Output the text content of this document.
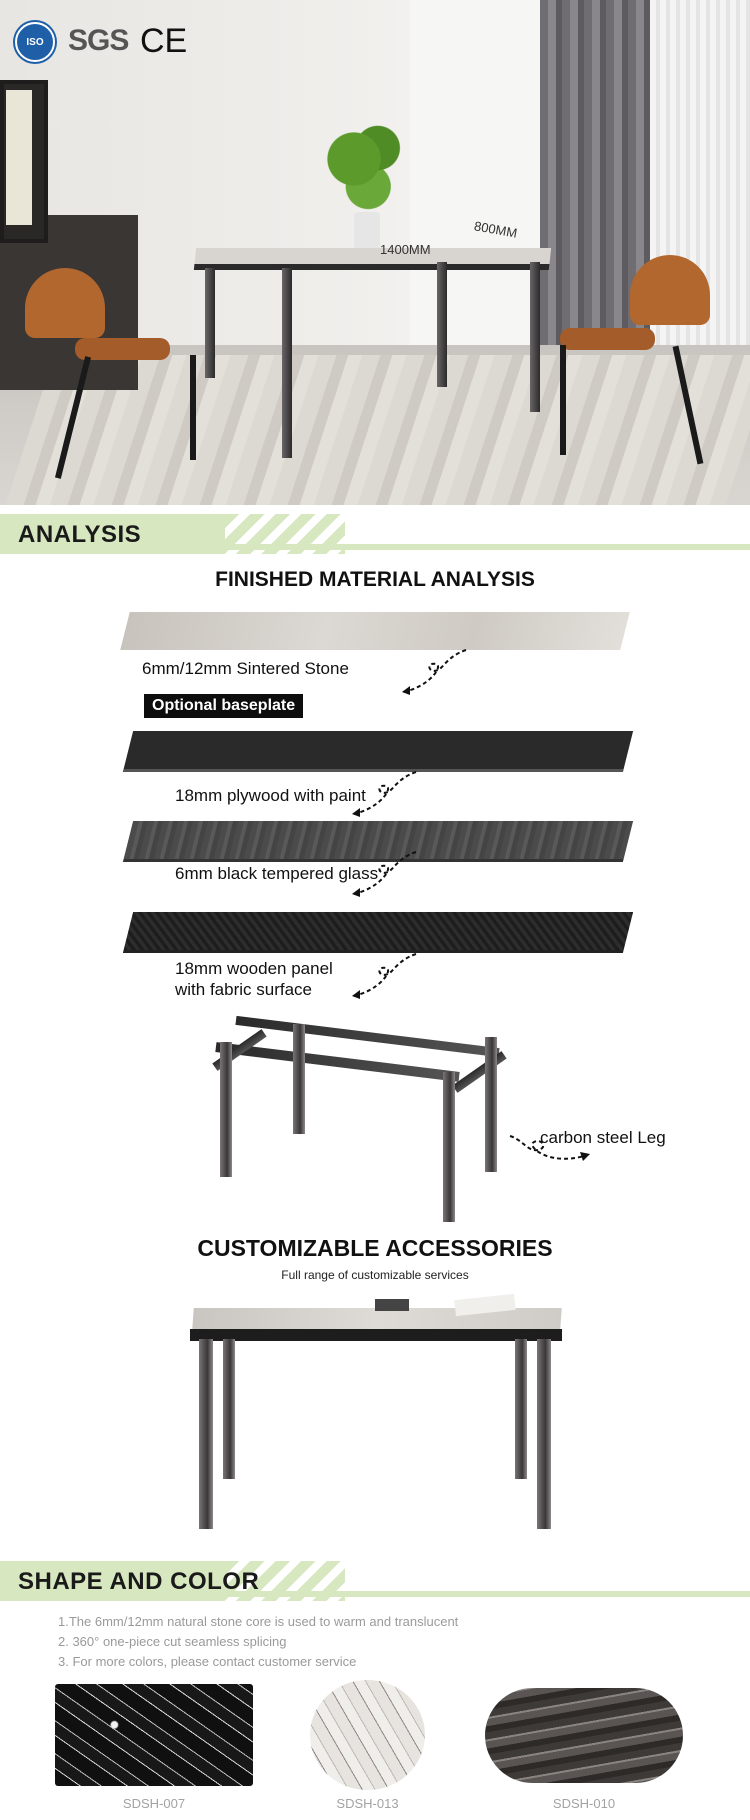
800MM
1400MM
ISO SGS CE
ANALYSIS
FINISHED MATERIAL ANALYSIS
6mm/12mm Sintered Stone
Optional baseplate
18mm plywood with paint
6mm black tempered glass
18mm wooden panel
with fabric surface
carbon steel Leg
CUSTOMIZABLE ACCESSORIES
Full range of customizable services
SHAPE AND COLOR
1.The 6mm/12mm natural stone core is used to warm and translucent
2. 360° one-piece cut seamless splicing
3. For more colors, please contact customer service
SDSH-007	SDSH-013	SDSH-010
